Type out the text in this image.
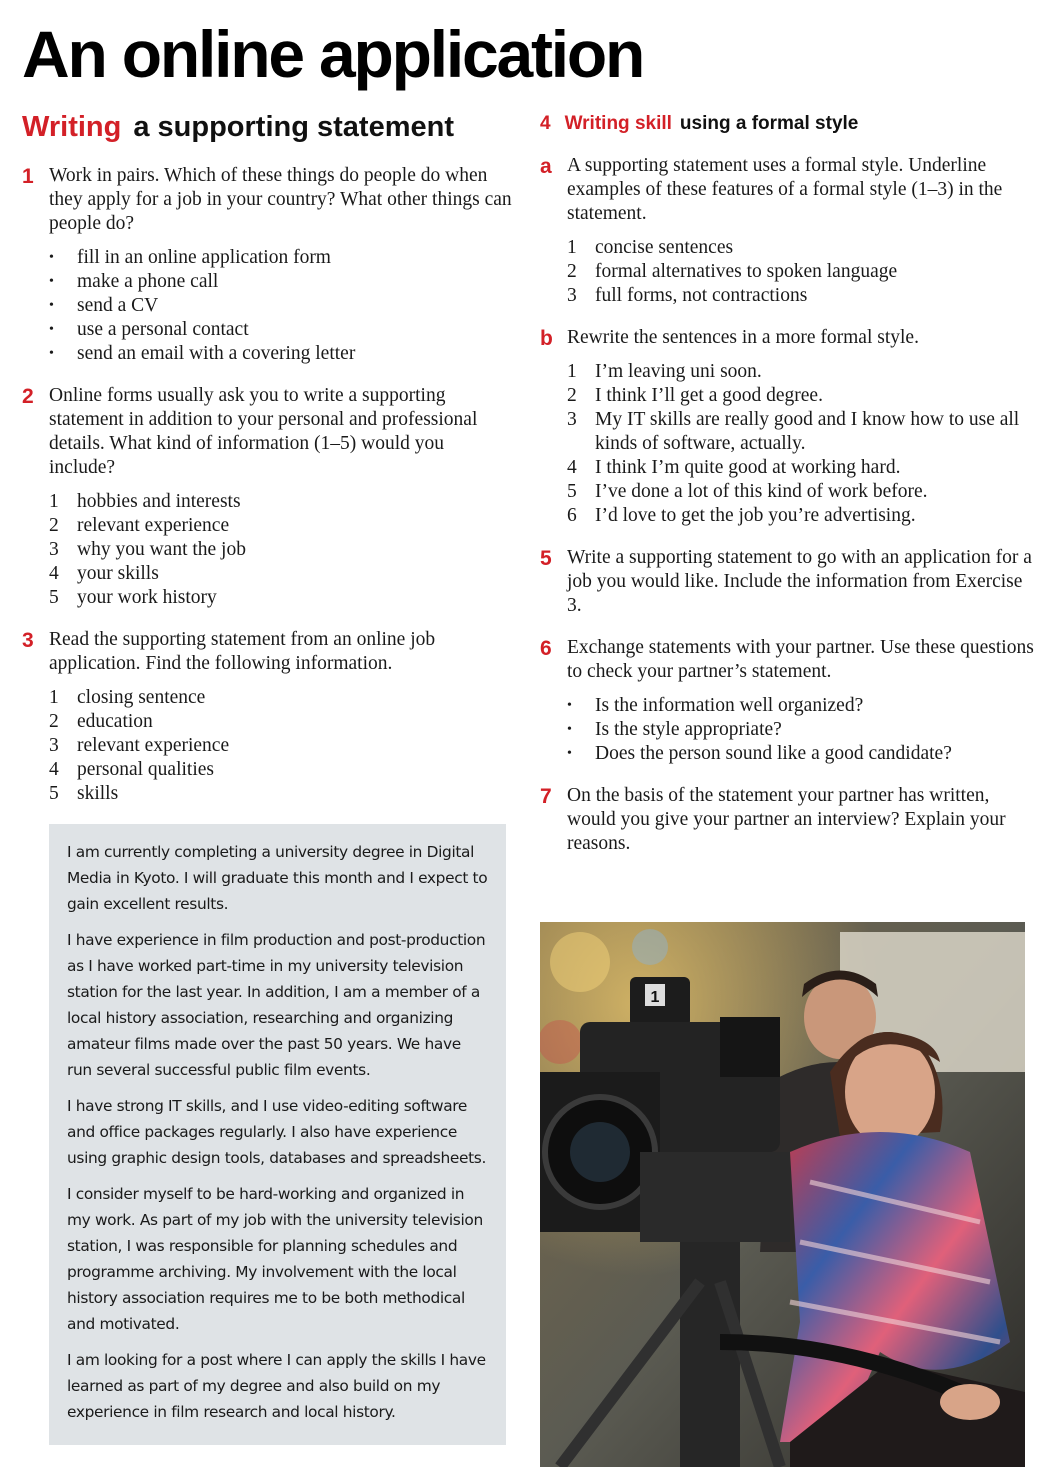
An online application
Writing a supporting statement
1 Work in pairs. Which of these things do people do when they apply for a job in your country? What other things can people do?
•	fill in an online application form
•	make a phone call
•	send a CV
•	use a personal contact
•	send an email with a covering letter
2 Online forms usually ask you to write a supporting statement in addition to your personal and professional details. What kind of information (1–5) would you include?
1 hobbies and interests
2 relevant experience
3 why you want the job
4 your skills
5 your work history
3 Read the supporting statement from an online job application. Find the following information.
1 closing sentence
2 education
3 relevant experience
4 personal qualities
5 skills

I am currently completing a university degree in Digital Media in Kyoto. I will graduate this month and I expect to gain excellent results.

I have experience in film production and post-production as I have worked part-time in my university television station for the last year. In addition, I am a member of a local history association, researching and organizing amateur films made over the past 50 years. We have run several successful public film events.

I have strong IT skills, and I use video-editing software and office packages regularly. I also have experience using graphic design tools, databases and spreadsheets.

I consider myself to be hard-working and organized in my work. As part of my job with the university television station, I was responsible for planning schedules and programme archiving. My involvement with the local history association requires me to be both methodical and motivated.

I am looking for a post where I can apply the skills I have learned as part of my degree and also build on my experience in film research and local history.

4 Writing skill using a formal style
a A supporting statement uses a formal style. Underline examples of these features of a formal style (1–3) in the statement.
1 concise sentences
2 formal alternatives to spoken language
3 full forms, not contractions
b Rewrite the sentences in a more formal style.
1 I’m leaving uni soon.
2 I think I’ll get a good degree.
3 My IT skills are really good and I know how to use all kinds of software, actually.
4 I think I’m quite good at working hard.
5 I’ve done a lot of this kind of work before.
6 I’d love to get the job you’re advertising.
5 Write a supporting statement to go with an application for a job you would like. Include the information from Exercise 3.
6 Exchange statements with your partner. Use these questions to check your partner’s statement.
•	Is the information well organized?
•	Is the style appropriate?
•	Does the person sound like a good candidate?
7 On the basis of the statement your partner has written, would you give your partner an interview? Explain your reasons.
1
